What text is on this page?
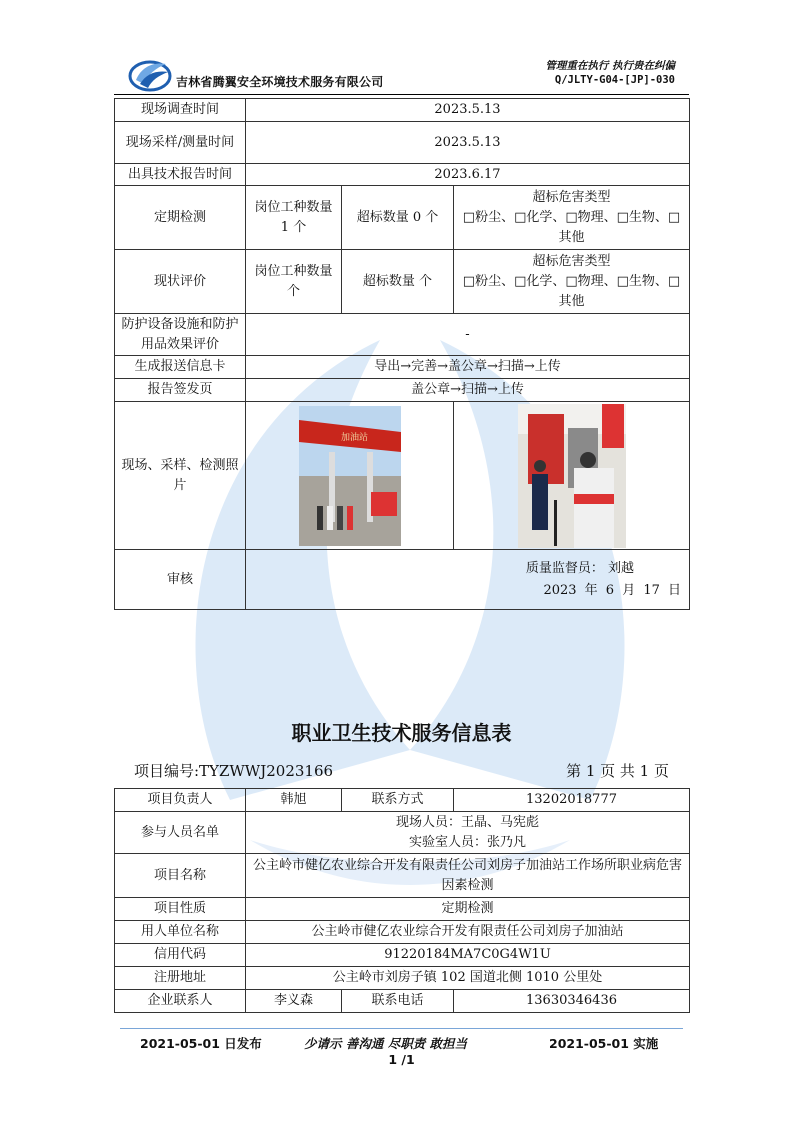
吉林省腾翼安全环境技术服务有限公司
管理重在执行 执行贵在纠偏
Q/JLTY-G04-[JP]-030
现场调查时间	2023.5.13		
现场采样/测量时间	2023.5.13		
出具技术报告时间	2023.6.17		
定期检测	岗位工种数量 1 个	超标数量 0 个	超标危害类型
□粉尘、□化学、□物理、□生物、□其他

现状评价	岗位工种数量 个	超标数量 个	超标危害类型
□粉尘、□化学、□物理、□生物、□其他

防护设备设施和防护用品效果评价	-		
生成报送信息卡	导出→完善→盖公章→扫描→上传		
报告签发页	盖公章→扫描→上传		
现场、采样、检测照片	加油站

审核	质量监督员： 刘越
2023 年 6 月 17 日		
职业卫生技术服务信息表
项目编号:TYZWWJ2023166	第 1 页 共 1 页
项目负责人	韩旭	联系方式	13202018777
参与人员名单	现场人员：王晶、马宪彪
实验室人员：张乃凡		

项目名称	公主岭市健亿农业综合开发有限责任公司刘房子加油站工作场所职业病危害因素检测		
项目性质	定期检测		
用人单位名称	公主岭市健亿农业综合开发有限责任公司刘房子加油站		
信用代码	91220184MA7C0G4W1U		
注册地址	公主岭市刘房子镇 102 国道北侧 1010 公里处		
企业联系人	李义森	联系电话	13630346436
2021-05-01 日发布	少请示 善沟通 尽职责 敢担当	2021-05-01 实施
1 /1
